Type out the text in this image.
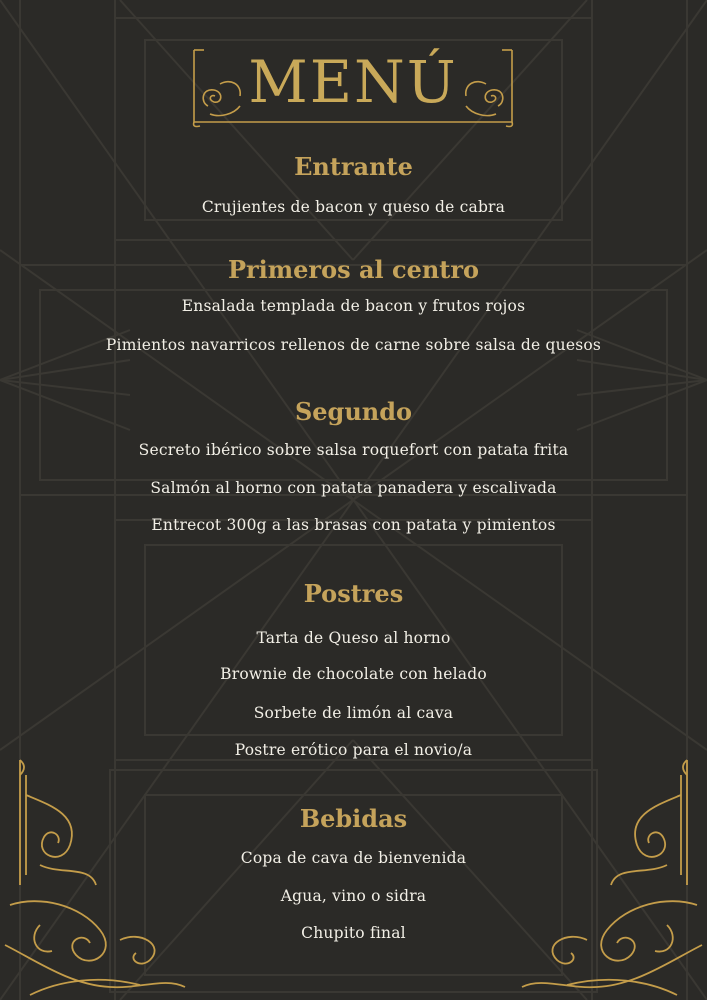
MENÚ
Entrante
Crujientes de bacon y queso de cabra
Primeros al centro
Ensalada templada de bacon y frutos rojos
Pimientos navarricos rellenos de carne sobre salsa de quesos
Segundo
Secreto ibérico sobre salsa roquefort con patata frita
Salmón al horno con patata panadera y escalivada
Entrecot 300g a las brasas con patata y pimientos
Postres
Tarta de Queso al horno
Brownie de chocolate con helado
Sorbete de limón al cava
Postre erótico para el novio/a
Bebidas
Copa de cava de bienvenida
Agua, vino o sidra
Chupito final
